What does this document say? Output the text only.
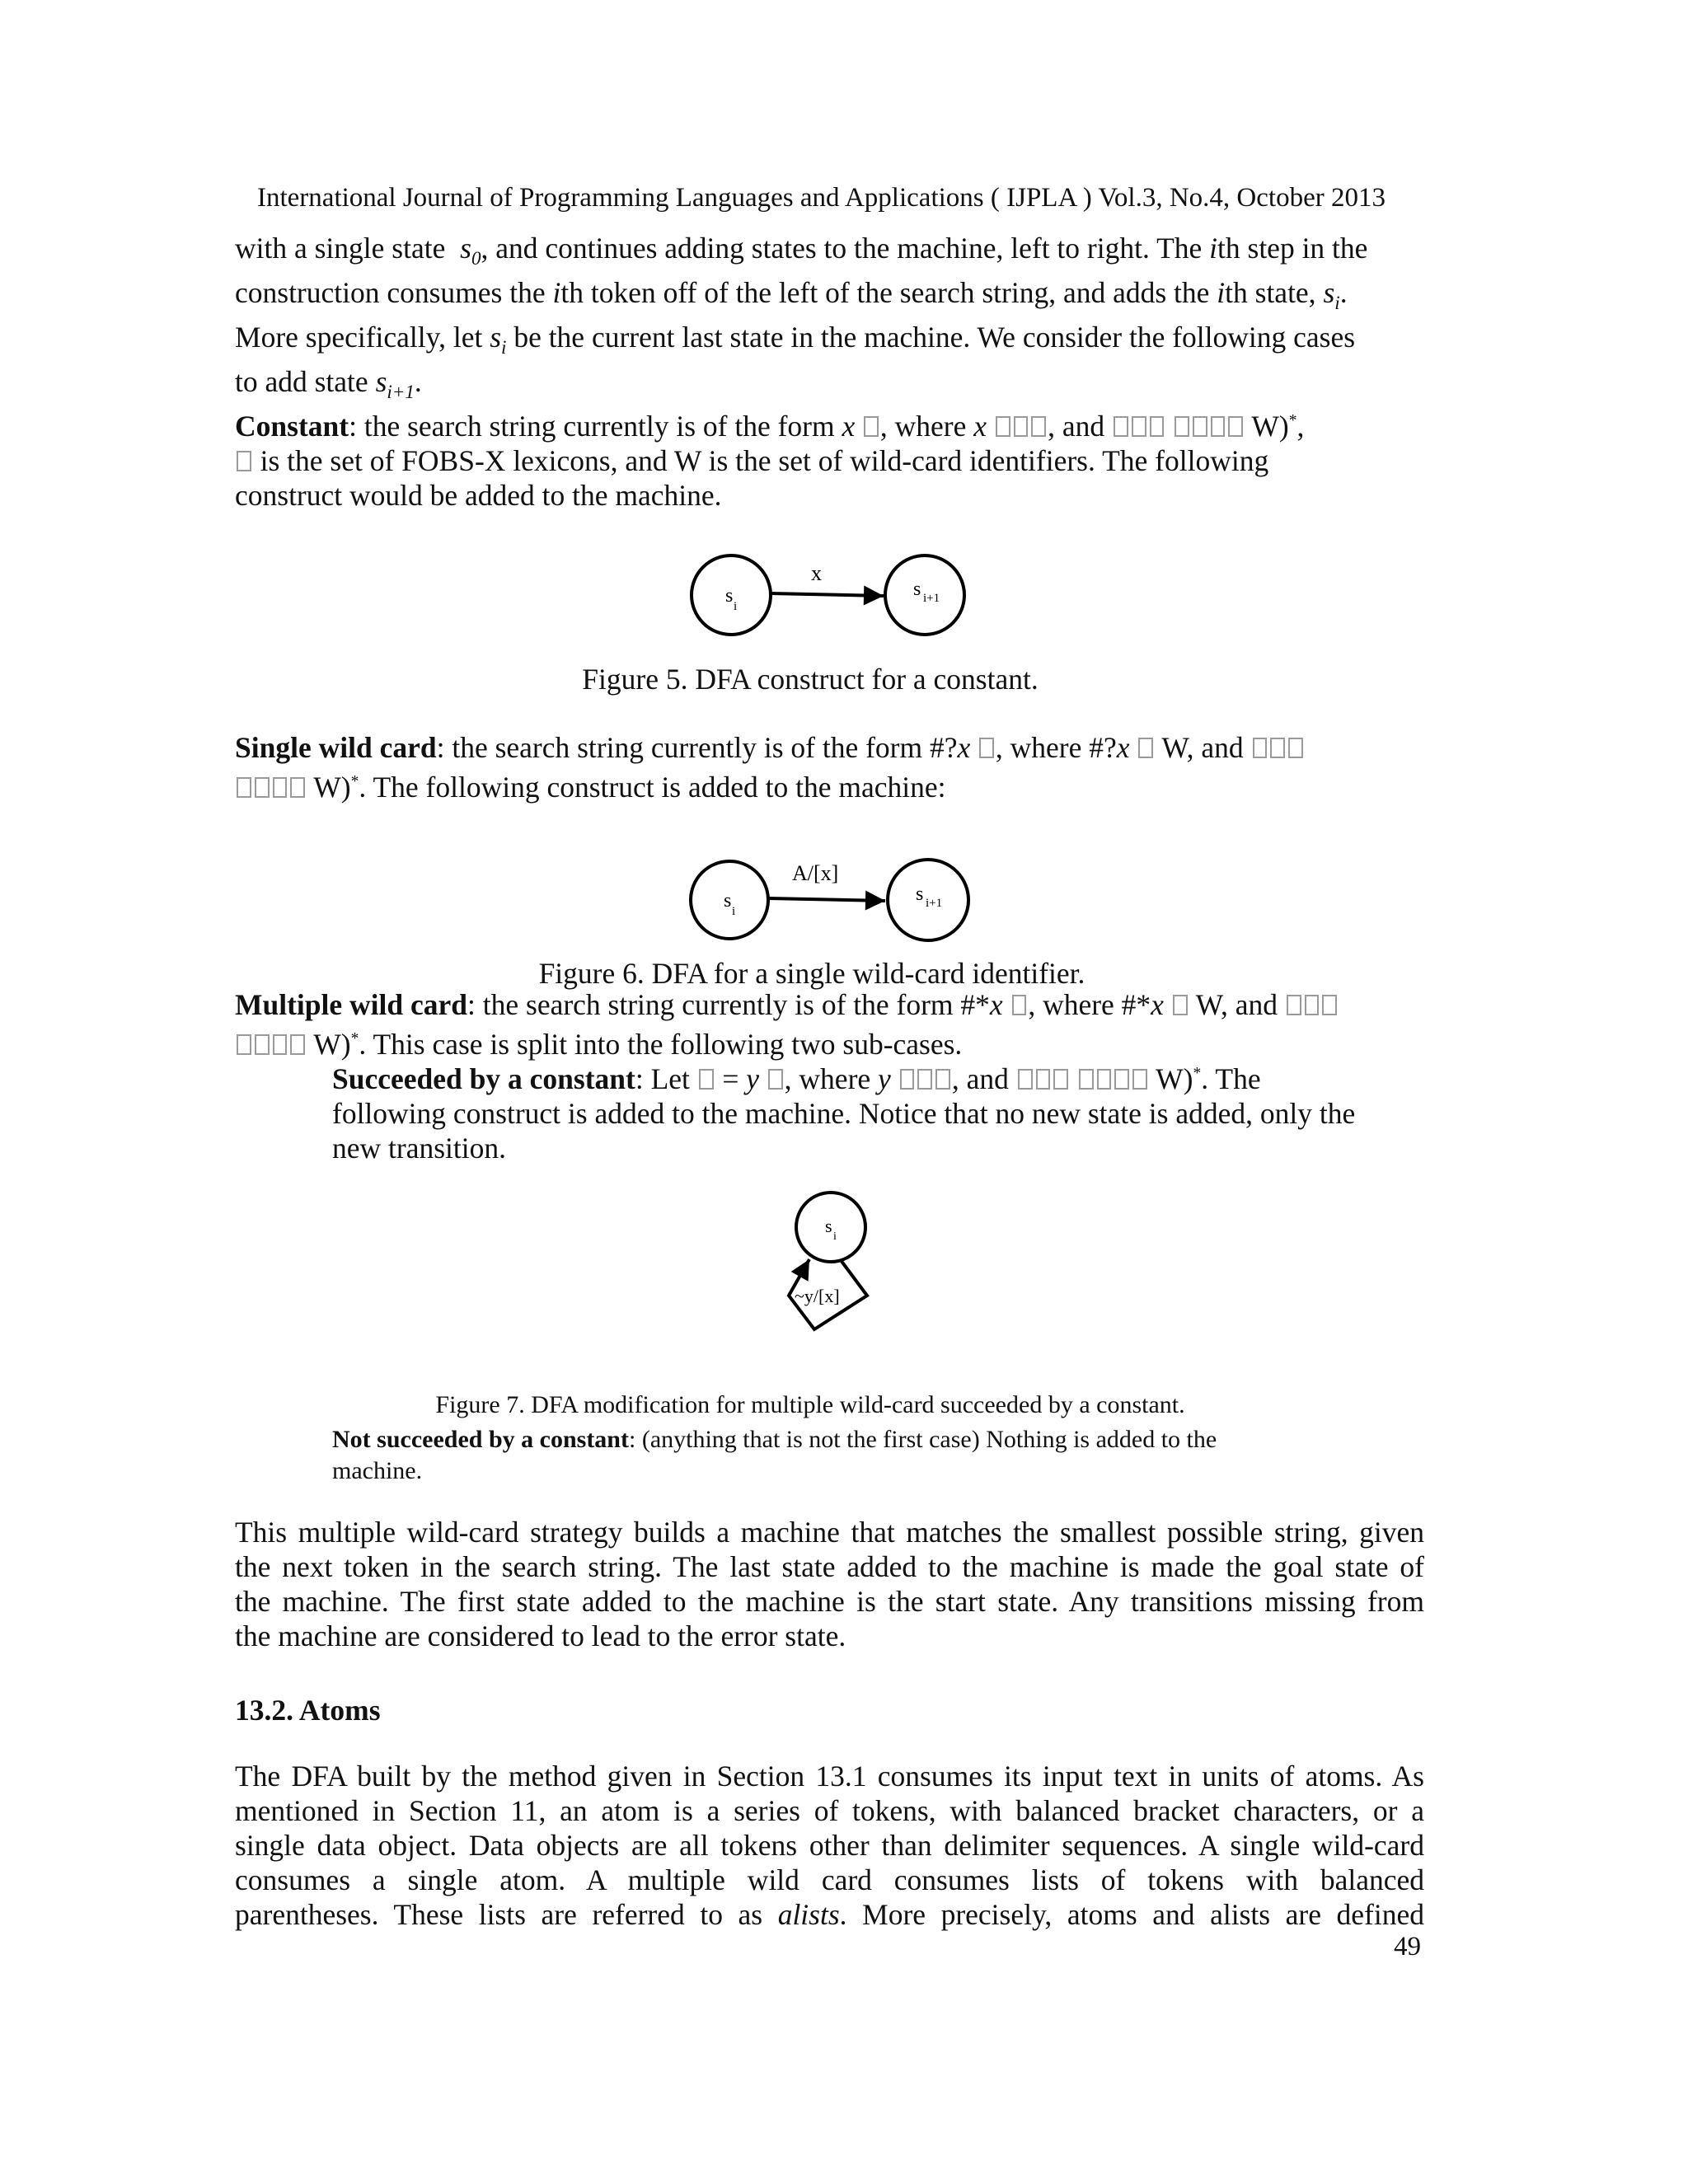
International Journal of Programming Languages and Applications ( IJPLA ) Vol.3, No.4, October 2013
with a single state $s_0$, and continues adding states to the machine, left to right. The ith step in the
construction consumes the ith token off of the left of the search string, and adds the ith state, $s_i$.
More specifically, let $s_i$ be the current last state in the machine. We consider the following cases
to add state $s_{i+1}$.
Constant: the search string currently is of the form x , where x , and	W)*,
is the set of FOBS-X lexicons, and W is the set of wild-card identifiers. The following
construct would be added to the machine.
s i
s i+1
x
Figure 5. DFA construct for a constant.
Single wild card: the search string currently is of the form #?x , where #?x W, and
W)*. The following construct is added to the machine:
s i
s i+1
A/[x]
Figure 6. DFA for a single wild-card identifier.
Multiple wild card: the search string currently is of the form #*x , where #*x W, and
W)*. This case is split into the following two sub-cases.
Succeeded by a constant: Let = y , where y , and	W)*. The
following construct is added to the machine. Notice that no new state is added, only the
new transition.
s
i
~y/[x]
Figure 7. DFA modification for multiple wild-card succeeded by a constant.
Not succeeded by a constant: (anything that is not the first case) Nothing is added to the
machine.
This multiple wild-card strategy builds a machine that matches the smallest possible string, given
the next token in the search string. The last state added to the machine is made the goal state of
the machine. The first state added to the machine is the start state. Any transitions missing from
the machine are considered to lead to the error state.
13.2. Atoms
The DFA built by the method given in Section 13.1 consumes its input text in units of atoms. As
mentioned in Section 11, an atom is a series of tokens, with balanced bracket characters, or a
single data object. Data objects are all tokens other than delimiter sequences. A single wild-card
consumes a single atom. A multiple wild card consumes lists of tokens with balanced
parentheses. These lists are referred to as alists. More precisely, atoms and alists are defined
49
